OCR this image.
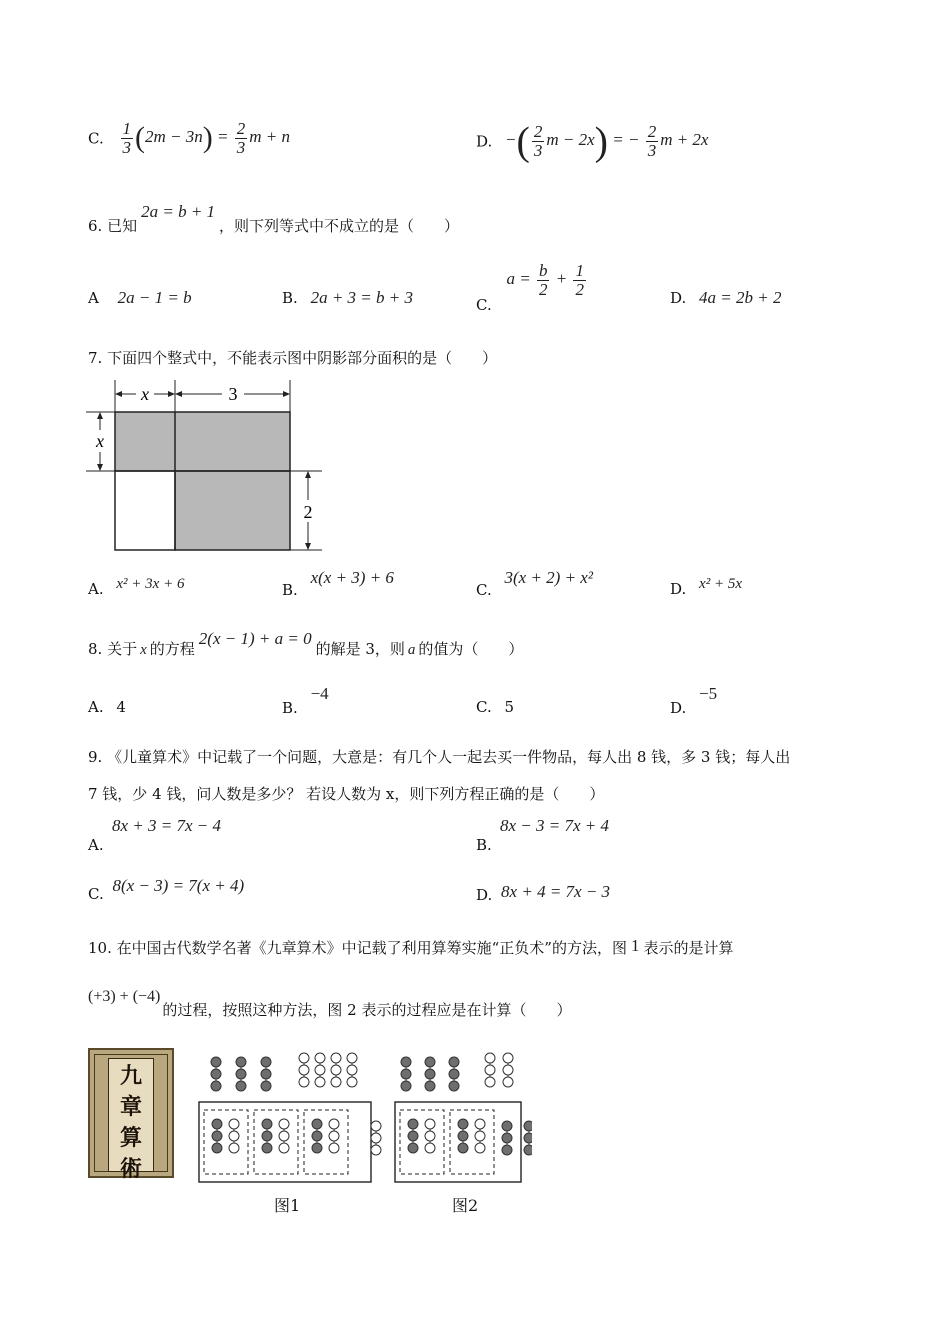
C. $\frac{1}{3} (2m - 3n) = \frac{2}{3}$ m + n	D. −( $\frac{2}{3}$ m − 2x) = − $\frac{2}{3}$ m + 2x
6. 已知2a = b + 1，则下列等式中不成立的是（　　）
A 2a − 1 = b	B. 2a + 3 = b + 3	C. $a = \frac{b}{2} + \frac{1}{2}$	D. 4a = 2b + 2
7. 下面四个整式中，不能表示图中阴影部分面积的是（　　）
x	3
x
2
A. x² + 3x + 6	B. x(x + 3) + 6
C. 3(x + 2) + x²
D. x² + 5x
8. 关于 x 的方程2(x − 1) + a = 0的解是 3，则 a 的值为（　　）
A. 4	B. −4
C. 5	D. −5
9. 《儿童算术》中记载了一个问题，大意是：有几个人一起去买一件物品，每人出 8 钱，多 3 钱；每人出
7 钱，少 4 钱，问人数是多少？ 若设人数为 x，则下列方程正确的是（　　）
8x + 3 = 7x − 4
A.
8x − 3 = 7x + 4
B.
C. 8(x − 3) = 7(x + 4)	D. 8x + 4 = 7x − 3
10. 在中国古代数学名著《九章算术》中记载了利用算筹实施“正负术”的方法，图 1 表示的是计算
(+3) + (−4)的过程，按照这种方法，图 2 表示的过程应是在计算（　　）
九
章
算
術
图1	图2
